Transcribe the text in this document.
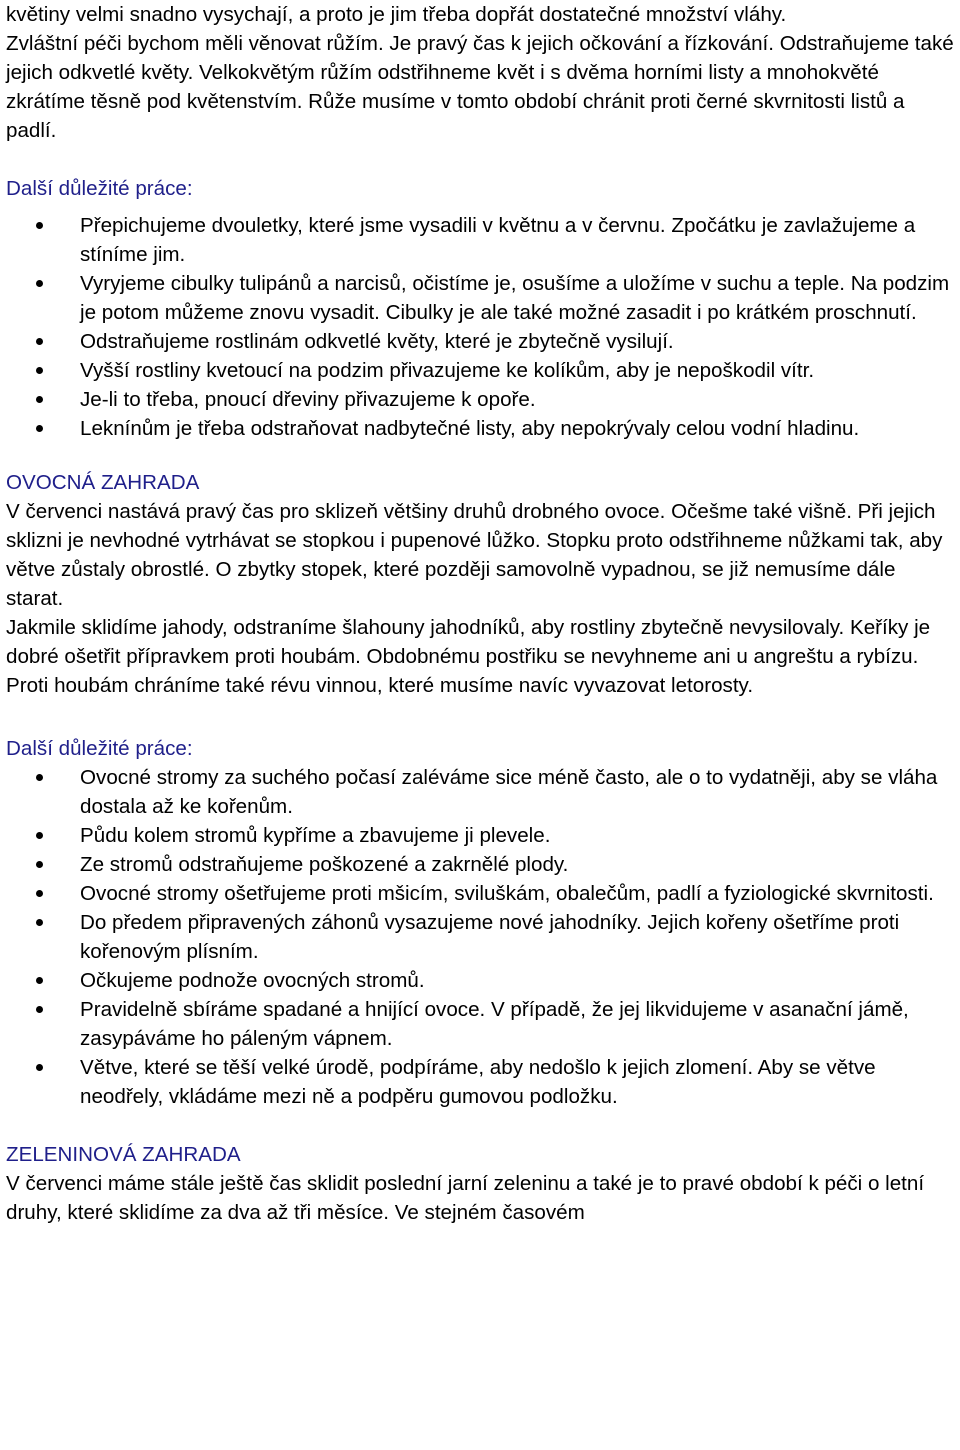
květiny velmi snadno vysychají, a proto je jim třeba dopřát dostatečné množství vláhy.

Zvláštní péči bychom měli věnovat růžím. Je pravý čas k jejich očkování a řízkování. Odstraňujeme také jejich odkvetlé květy. Velkokvětým růžím odstřihneme květ i s dvěma horními listy a mnohokvěté zkrátíme těsně pod květenstvím. Růže musíme v tomto období chránit proti černé skvrnitosti listů a padlí.

Další důležité práce:

Přepichujeme dvouletky, které jsme vysadili v květnu a v červnu. Zpočátku je zavlažujeme a stíníme jim.
Vyryjeme cibulky tulipánů a narcisů, očistíme je, osušíme a uložíme v suchu a teple. Na podzim je potom můžeme znovu vysadit. Cibulky je ale také možné zasadit i po krátkém proschnutí.
Odstraňujeme rostlinám odkvetlé květy, které je zbytečně vysilují.
Vyšší rostliny kvetoucí na podzim přivazujeme ke kolíkům, aby je nepoškodil vítr.
Je-li to třeba, pnoucí dřeviny přivazujeme k opoře.
Leknínům je třeba odstraňovat nadbytečné listy, aby nepokrývaly celou vodní hladinu.

OVOCNÁ ZAHRADA

V červenci nastává pravý čas pro sklizeň většiny druhů drobného ovoce. Očešme také višně. Při jejich sklizni je nevhodné vytrhávat se stopkou i pupenové lůžko. Stopku proto odstřihneme nůžkami tak, aby větve zůstaly obrostlé. O zbytky stopek, které později samovolně vypadnou, se již nemusíme dále starat.

Jakmile sklidíme jahody, odstraníme šlahouny jahodníků, aby rostliny zbytečně nevysilovaly. Keříky je dobré ošetřit přípravkem proti houbám. Obdobnému postřiku se nevyhneme ani u angreštu a rybízu. Proti houbám chráníme také révu vinnou, které musíme navíc vyvazovat letorosty.

Další důležité práce:

Ovocné stromy za suchého počasí zaléváme sice méně často, ale o to vydatněji, aby se vláha dostala až ke kořenům.
Půdu kolem stromů kypříme a zbavujeme ji plevele.
Ze stromů odstraňujeme poškozené a zakrnělé plody.
Ovocné stromy ošetřujeme proti mšicím, sviluškám, obalečům, padlí a fyziologické skvrnitosti.
Do předem připravených záhonů vysazujeme nové jahodníky. Jejich kořeny ošetříme proti kořenovým plísním.
Očkujeme podnože ovocných stromů.
Pravidelně sbíráme spadané a hnijící ovoce. V případě, že jej likvidujeme v asanační jámě, zasypáváme ho páleným vápnem.
Větve, které se těší velké úrodě, podpíráme, aby nedošlo k jejich zlomení. Aby se větve neodřely, vkládáme mezi ně a podpěru gumovou podložku.

ZELENINOVÁ ZAHRADA

V červenci máme stále ještě čas sklidit poslední jarní zeleninu a také je to pravé období k péči o letní druhy, které sklidíme za dva až tři měsíce. Ve stejném časovém
